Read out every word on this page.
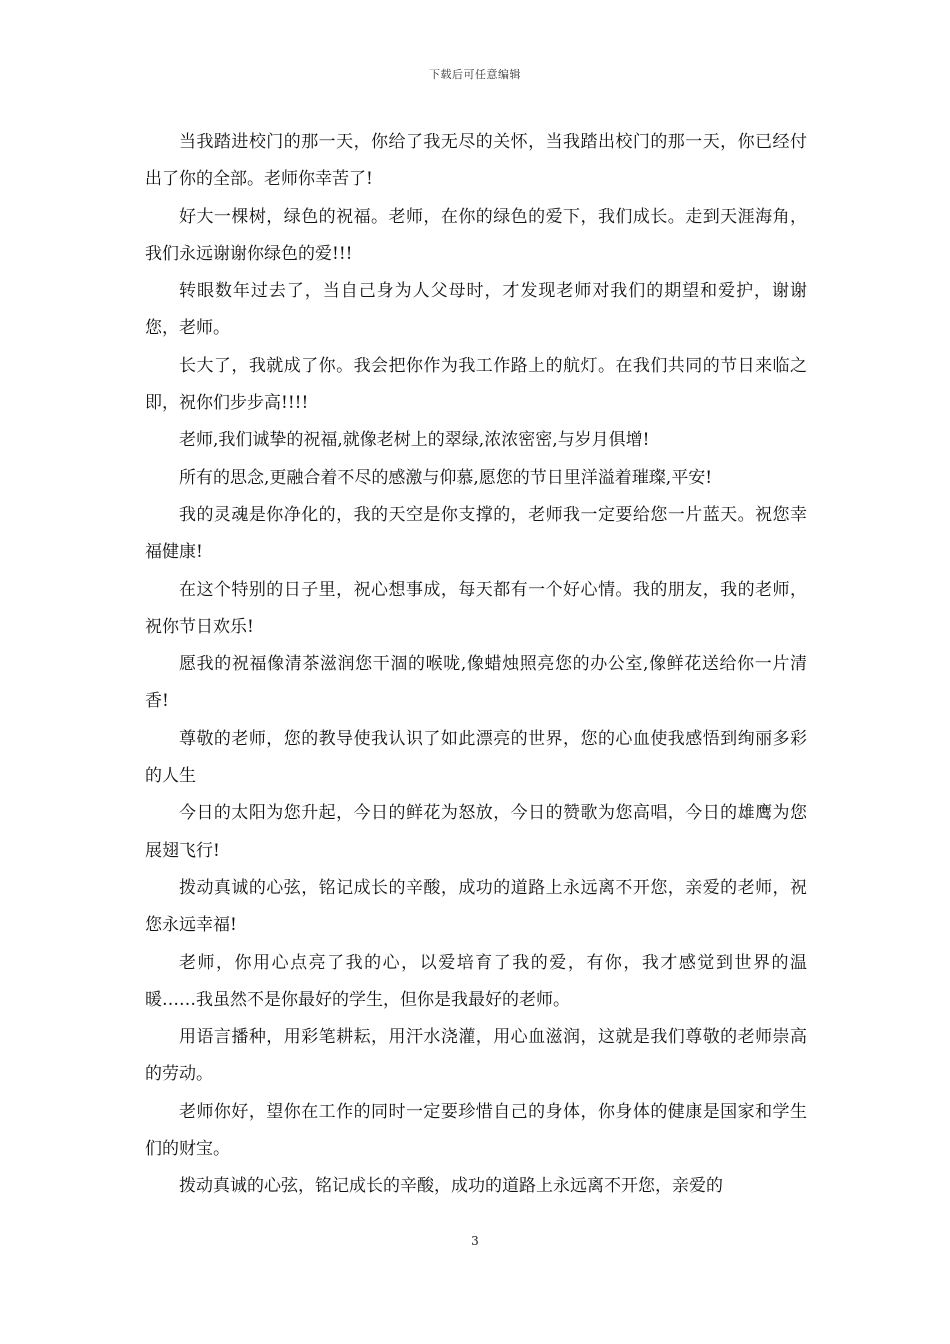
下载后可任意编辑

当我踏进校门的那一天，你给了我无尽的关怀，当我踏出校门的那一天，你已经付出了你的全部。老师你幸苦了!

好大一棵树，绿色的祝福。老师，在你的绿色的爱下，我们成长。走到天涯海角，我们永远谢谢你绿色的爱!!!

转眼数年过去了，当自己身为人父母时，才发现老师对我们的期望和爱护，谢谢您，老师。

长大了，我就成了你。我会把你作为我工作路上的航灯。在我们共同的节日来临之即，祝你们步步高!!!!

老师,我们诚挚的祝福,就像老树上的翠绿,浓浓密密,与岁月俱增!

所有的思念,更融合着不尽的感激与仰慕,愿您的节日里洋溢着璀璨,平安!

我的灵魂是你净化的，我的天空是你支撑的，老师我一定要给您一片蓝天。祝您幸福健康!

在这个特别的日子里，祝心想事成，每天都有一个好心情。我的朋友，我的老师，祝你节日欢乐!

愿我的祝福像清茶滋润您干涸的喉咙,像蜡烛照亮您的办公室,像鲜花送给你一片清香!

尊敬的老师，您的教导使我认识了如此漂亮的世界，您的心血使我感悟到绚丽多彩的人生

今日的太阳为您升起，今日的鲜花为怒放，今日的赞歌为您高唱，今日的雄鹰为您展翅飞行!

拨动真诚的心弦，铭记成长的辛酸，成功的道路上永远离不开您，亲爱的老师，祝您永远幸福!

老师，你用心点亮了我的心，以爱培育了我的爱，有你，我才感觉到世界的温暖……我虽然不是你最好的学生，但你是我最好的老师。

用语言播种，用彩笔耕耘，用汗水浇灌，用心血滋润，这就是我们尊敬的老师崇高的劳动。

老师你好，望你在工作的同时一定要珍惜自己的身体，你身体的健康是国家和学生们的财宝。

拨动真诚的心弦，铭记成长的辛酸，成功的道路上永远离不开您，亲爱的

3
